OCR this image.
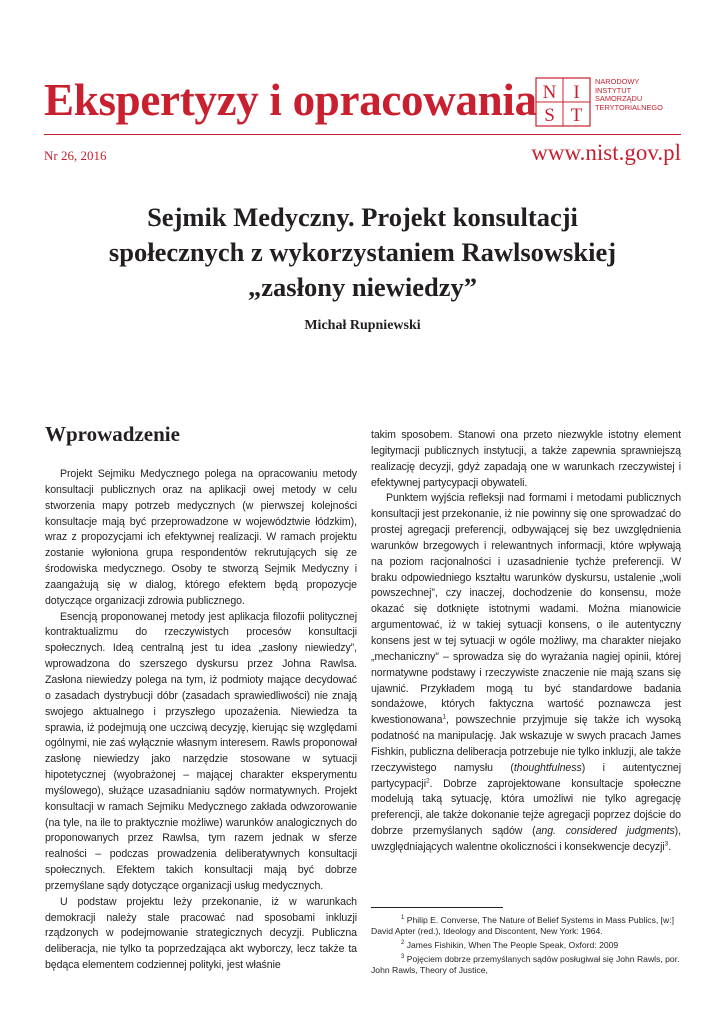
Ekspertyzy i opracowania N I
S T
NARODOWY
INSTYTUT
SAMORZĄDU
TERYTORIALNEGO
Nr 26, 2016	www.nist.gov.pl
Sejmik Medyczny. Projekt konsultacji
społecznych z wykorzystaniem Rawlsowskiej
„zasłony niewiedzy”
Michał Rupniewski
Wprowadzenie

Projekt Sejmiku Medycznego polega na opracowaniu metody konsultacji publicznych oraz na aplikacji owej metody w celu stworzenia mapy potrzeb medycznych (w pierwszej kolejności konsultacje mają być przeprowadzone w województwie łódzkim), wraz z propozycjami ich efektywnej realizacji. W ramach projektu zostanie wyłoniona grupa respondentów rekrutujących się ze środowiska medycznego. Osoby te stworzą Sejmik Medyczny i zaangażują się w dialog, którego efektem będą propozycje dotyczące organizacji zdrowia publicznego.

Esencją proponowanej metody jest aplikacja filozofii politycznej kontraktualizmu do rzeczywistych procesów konsultacji społecznych. Ideą centralną jest tu idea „zasłony niewiedzy”, wprowadzona do szerszego dyskursu przez Johna Rawlsa. Zasłona niewiedzy polega na tym, iż podmioty mające decydować o zasadach dystrybucji dóbr (zasadach sprawiedliwości) nie znają swojego aktualnego i przyszłego upozażenia. Niewiedza ta sprawia, iż podejmują one uczciwą decyzję, kierując się względami ogólnymi, nie zaś wyłącznie własnym interesem. Rawls proponował zasłonę niewiedzy jako narzędzie stosowane w sytuacji hipotetycznej (wyobrażonej – mającej charakter eksperymentu myślowego), służące uzasadnianiu sądów normatywnych. Projekt konsultacji w ramach Sejmiku Medycznego zakłada odwzorowanie (na tyle, na ile to praktycznie możliwe) warunków analogicznych do proponowanych przez Rawlsa, tym razem jednak w sferze realności – podczas prowadzenia deliberatywnych konsultacji społecznych. Efektem takich konsultacji mają być dobrze przemyślane sądy dotyczące organizacji usług medycznych.

U podstaw projektu leży przekonanie, iż w warunkach demokracji należy stale pracować nad sposobami inkluzji rządzonych w podejmowanie strategicznych decyzji. Publiczna deliberacja, nie tylko ta poprzedzająca akt wyborczy, lecz także ta będąca elementem codziennej polityki, jest właśnie

takim sposobem. Stanowi ona przeto niezwykle istotny element legitymacji publicznych instytucji, a także zapewnia sprawniejszą realizację decyzji, gdyż zapadają one w warunkach rzeczywistej i efektywnej partycypacji obywateli.

Punktem wyjścia refleksji nad formami i metodami publicznych konsultacji jest przekonanie, iż nie powinny się one sprowadzać do prostej agregacji preferencji, odbywającej się bez uwzględnienia warunków brzegowych i relewantnych informacji, które wpływają na poziom racjonalności i uzasadnienie tychże preferencji. W braku odpowiedniego kształtu warunków dyskursu, ustalenie „woli powszechnej”, czy inaczej, dochodzenie do konsensu, może okazać się dotknięte istotnymi wadami. Można mianowicie argumentować, iż w takiej sytuacji konsens, o ile autentyczny konsens jest w tej sytuacji w ogóle możliwy, ma charakter niejako „mechaniczny” – sprowadza się do wyrażania nagiej opinii, której normatywne podstawy i rzeczywiste znaczenie nie mają szans się ujawnić. Przykładem mogą tu być standardowe badania sondażowe, których faktyczna wartość poznawcza jest kwestionowana$^1$, powszechnie przyjmuje się także ich wysoką podatność na manipulację. Jak wskazuje w swych pracach James Fishkin, publiczna deliberacja potrzebuje nie tylko inkluzji, ale także rzeczywistego namysłu (thoughtfulness) i autentycznej partycypacji$^2$. Dobrze zaprojektowane konsultacje społeczne modelują taką sytuację, która umożliwi nie tylko agregację preferencji, ale także dokonanie tejże agregacji poprzez dojście do dobrze przemyślanych sądów (ang. considered judgments), uwzględniających walentne okoliczności i konsekwencje decyzji$^3$.

$^1$ Philip E. Converse, The Nature of Belief Systems in Mass Publics, [w:] David Apter (red.), Ideology and Discontent, New York: 1964.

$^2$ James Fishikin, When The People Speak, Oxford: 2009

$^3$ Pojęciem dobrze przemyślanych sądów posługiwał się John Rawls, por. John Rawls, Theory of Justice,
